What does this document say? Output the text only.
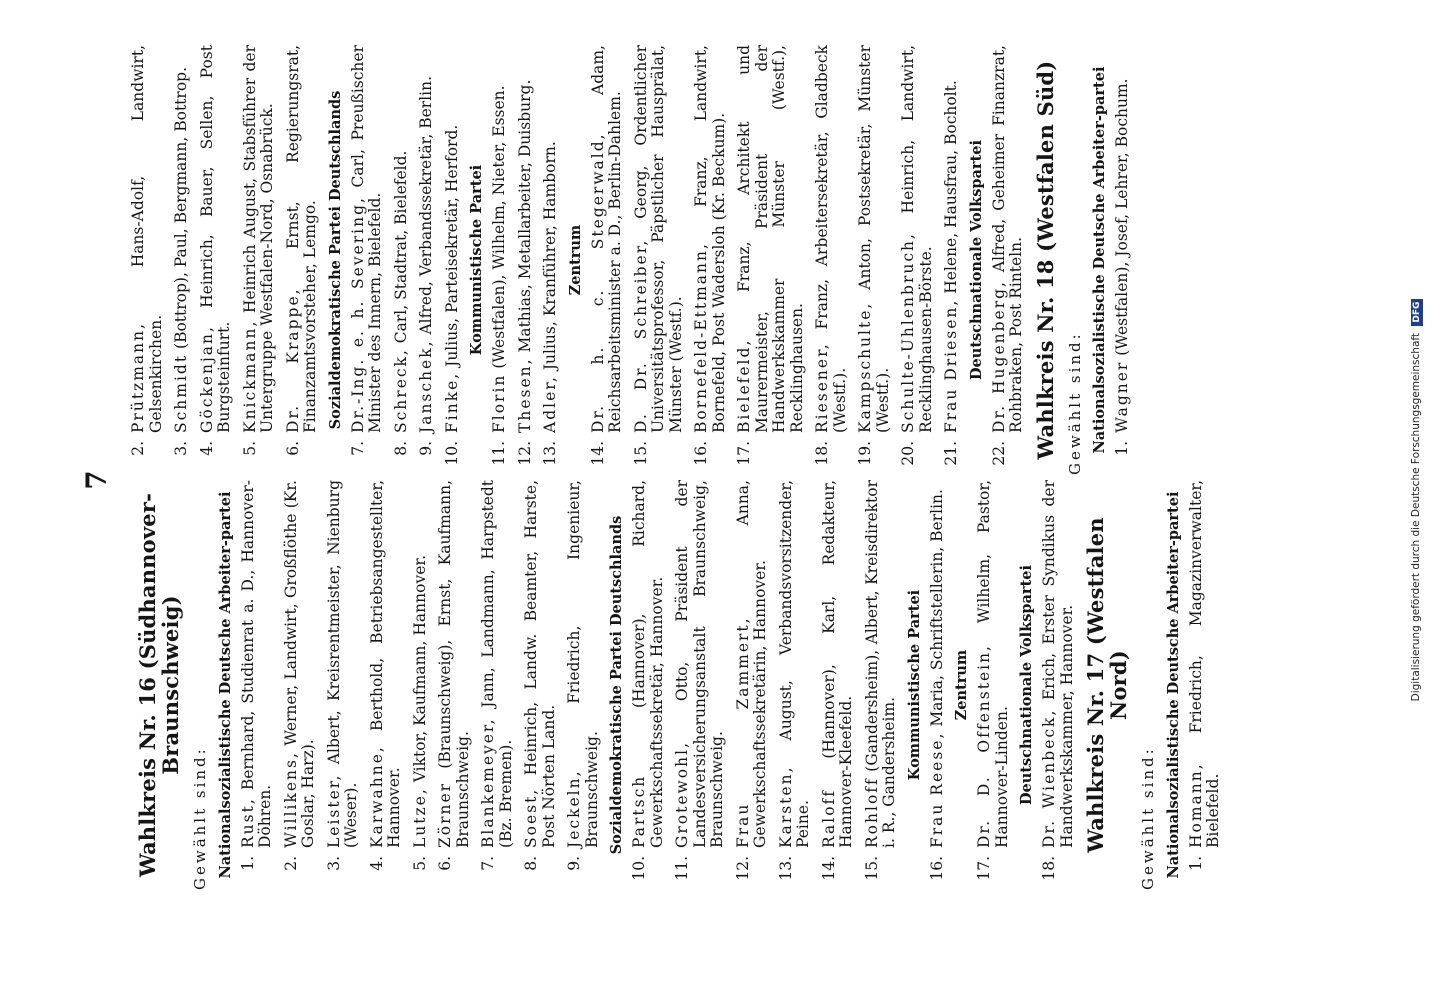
7
Wahlkreis Nr. 16 (Südhannover-Braunschweig)
Gewählt sind: Nationalsozialistische Deutsche Arbeiter-partei 1.
Rust, Bernhard, Studienrat a. D., Hannover-Döhren.
2.
Willikens, Werner, Landwirt, Großflöthe (Kr. Goslar, Harz).
3.
Leister, Albert, Kreisrentmeister, Nienburg (Weser).
4.
Karwahne, Berthold, Betriebsangestellter, Hannover.
5.
Lutze, Viktor, Kaufmann, Hannover.
6.
Zörner (Braunschweig), Ernst, Kaufmann, Braunschweig.
7.
Blankemeyer, Jann, Landmann, Harpstedt (Bz. Bremen).
8.
Soest, Heinrich, Landw. Beamter, Harste, Post Nörten Land.
9.
Jeckeln, Friedrich, Ingenieur, Braunschweig. Sozialdemokratische Partei Deutschlands
10.
Partsch (Hannover), Richard, Gewerkschaftssekretär, Hannover.
11.
Grotewohl, Otto, Präsident der Landesversicherungsanstalt Braunschweig, Braunschweig.
12.
Frau Zammert, Anna, Gewerkschaftssekretärin, Hannover.
13.
Karsten, August, Verbandsvorsitzender, Peine.
14.
Raloff (Hannover), Karl, Redakteur, Hannover-Kleefeld.
15.
Rohloff (Gandersheim), Albert, Kreisdirektor i. R., Gandersheim. Kommunistische Partei
16.
Frau Reese, Maria, Schriftstellerin, Berlin. Zentrum
17.
Dr. D. Offenstein, Wilhelm, Pastor, Hannover-Linden. Deutschnationale Volkspartei
18.
Dr. Wienbeck, Erich, Erster Syndikus der Handwerkskammer, Hannover. Wahlkreis Nr. 17 (Westfalen Nord)
Gewählt sind: Nationalsozialistische Deutsche Arbeiter-partei 1.
Homann, Friedrich, Magazinverwalter, Bielefeld.
2.
Prützmann, Hans-Adolf, Landwirt, Gelsenkirchen.
3.
Schmidt (Bottrop), Paul, Bergmann, Bottrop.
4.
Göckenjan, Heinrich, Bauer, Sellen, Post Burgsteinfurt.
5.
Knickmann, Heinrich August, Stabsführer der Untergruppe Westfalen-Nord, Osnabrück.
6.
Dr. Krappe, Ernst, Regierungsrat, Finanzamtsvorsteher, Lemgo. Sozialdemokratische Partei Deutschlands
7.
Dr.-Ing. e. h. Severing, Carl, Preußischer Minister des Innern, Bielefeld.
8.
Schreck, Carl, Stadtrat, Bielefeld.
9.
Janschek, Alfred, Verbandssekretär, Berlin.
10.
Finke, Julius, Parteisekretär, Herford. Kommunistische Partei
11.
Florin (Westfalen), Wilhelm, Nieter, Essen.
12.
Thesen, Mathias, Metallarbeiter, Duisburg.
13.
Adler, Julius, Kranführer, Hamborn. Zentrum
14.
Dr. h. c. Stegerwald, Adam, Reichsarbeitsminister a. D., Berlin-Dahlem.
15.
D. Dr. Schreiber, Georg, Ordentlicher Universitätsprofessor, Päpstlicher Hausprälat, Münster (Westf.).
16.
Bornefeld-Ettmann, Franz, Landwirt, Bornefeld, Post Wadersloh (Kr. Beckum).
17.
Bielefeld, Franz, Architekt und Maurermeister, Präsident der Handwerkskammer Münster (Westf.), Recklinghausen.
18.
Riesener, Franz, Arbeitersekretär, Gladbeck (Westf.).
19.
Kampschulte, Anton, Postsekretär, Münster (Westf.).
20.
Schulte-Uhlenbruch, Heinrich, Landwirt, Recklinghausen-Börste.
21.
Frau Driesen, Helene, Hausfrau, Bocholt. Deutschnationale Volkspartei
22.
Dr. Hugenberg, Alfred, Geheimer Finanzrat, Rohbraken, Post Rinteln. Wahlkreis Nr. 18 (Westfalen Süd) Gewählt sind: Nationalsozialistische Deutsche Arbeiter-partei 1.
Wagner (Westfalen), Josef, Lehrer, Bochum.
Digitalisierung gefördert durch die Deutsche Forschungsgemeinschaft DFG
